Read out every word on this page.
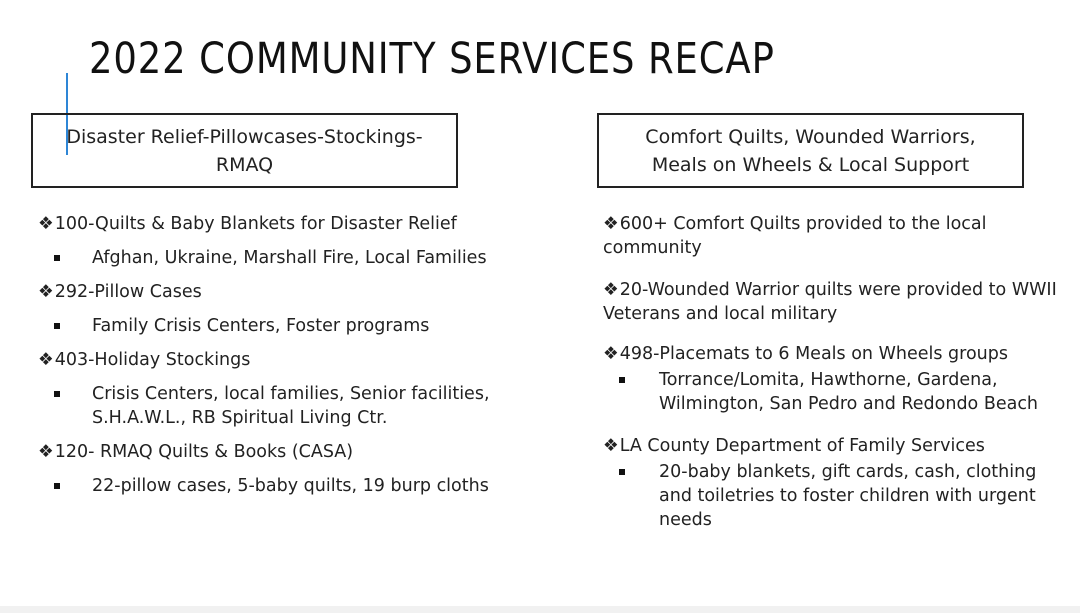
2022 COMMUNITY SERVICES RECAP
Disaster Relief-Pillowcases-Stockings-
RMAQ
Comfort Quilts, Wounded Warriors,
Meals on Wheels & Local Support
❖100-Quilts & Baby Blankets for Disaster Relief
Afghan, Ukraine, Marshall Fire, Local Families
❖292-Pillow Cases
Family Crisis Centers, Foster programs
❖403-Holiday Stockings
Crisis Centers, local families, Senior facilities, S.H.A.W.L., RB Spiritual Living Ctr.
❖120- RMAQ Quilts & Books (CASA)
22-pillow cases, 5-baby quilts, 19 burp cloths
❖600+ Comfort Quilts provided to the local community
❖20-Wounded Warrior quilts were provided to WWII Veterans and local military
❖498-Placemats to 6 Meals on Wheels groups
Torrance/Lomita, Hawthorne, Gardena, Wilmington, San Pedro and Redondo Beach
❖LA County Department of Family Services
20-baby blankets, gift cards, cash, clothing and toiletries to foster children with urgent needs
